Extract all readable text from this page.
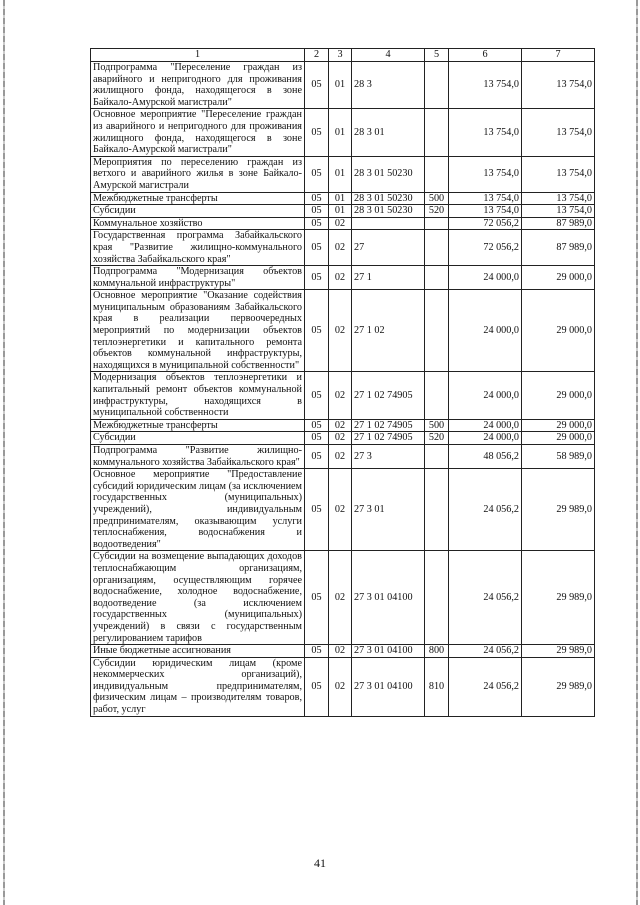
1	2	3	4	5	6	7
Подпрограмма "Переселение граждан из аварийного и непригодного для проживания жилищного фонда, находящегося в зоне Байкало-Амурской магистрали"	05	01	28 3		13 754,0	13 754,0
Основное мероприятие "Переселение граждан из аварийного и непригодного для проживания жилищного фонда, находящегося в зоне Байкало-Амурской магистрали"	05	01	28 3 01		13 754,0	13 754,0
Мероприятия по переселению граждан из ветхого и аварийного жилья в зоне Байкало-Амурской магистрали	05	01	28 3 01 50230		13 754,0	13 754,0
Межбюджетные трансферты	05	01	28 3 01 50230	500	13 754,0	13 754,0
Субсидии	05	01	28 3 01 50230	520	13 754,0	13 754,0
Коммунальное хозяйство	05	02			72 056,2	87 989,0
Государственная программа Забайкальского края "Развитие жилищно-коммунального хозяйства Забайкальского края"	05	02	27		72 056,2	87 989,0
Подпрограмма "Модернизация объектов коммунальной инфраструктуры"	05	02	27 1		24 000,0	29 000,0
Основное мероприятие "Оказание содействия муниципальным образованиям Забайкальского края в реализации первоочередных мероприятий по модернизации объектов теплоэнергетики и капитального ремонта объектов коммунальной инфраструктуры, находящихся в муниципальной собственности"	05	02	27 1 02		24 000,0	29 000,0
Модернизация объектов теплоэнергетики и капитальный ремонт объектов коммунальной инфраструктуры, находящихся в муниципальной собственности	05	02	27 1 02 74905		24 000,0	29 000,0
Межбюджетные трансферты	05	02	27 1 02 74905	500	24 000,0	29 000,0
Субсидии	05	02	27 1 02 74905	520	24 000,0	29 000,0
Подпрограмма "Развитие жилищно-коммунального хозяйства Забайкальского края"	05	02	27 3		48 056,2	58 989,0
Основное мероприятие "Предоставление субсидий юридическим лицам (за исключением государственных (муниципальных) учреждений), индивидуальным предпринимателям, оказывающим услуги теплоснабжения, водоснабжения и водоотведения"	05	02	27 3 01		24 056,2	29 989,0
Субсидии на возмещение выпадающих доходов теплоснабжающим организациям, организациям, осуществляющим горячее водоснабжение, холодное водоснабжение, водоотведение (за исключением государственных (муниципальных) учреждений) в связи с государственным регулированием тарифов	05	02	27 3 01 04100		24 056,2	29 989,0
Иные бюджетные ассигнования	05	02	27 3 01 04100	800	24 056,2	29 989,0
Субсидии юридическим лицам (кроме некоммерческих организаций), индивидуальным предпринимателям, физическим лицам – производителям товаров, работ, услуг	05	02	27 3 01 04100	810	24 056,2	29 989,0
41
